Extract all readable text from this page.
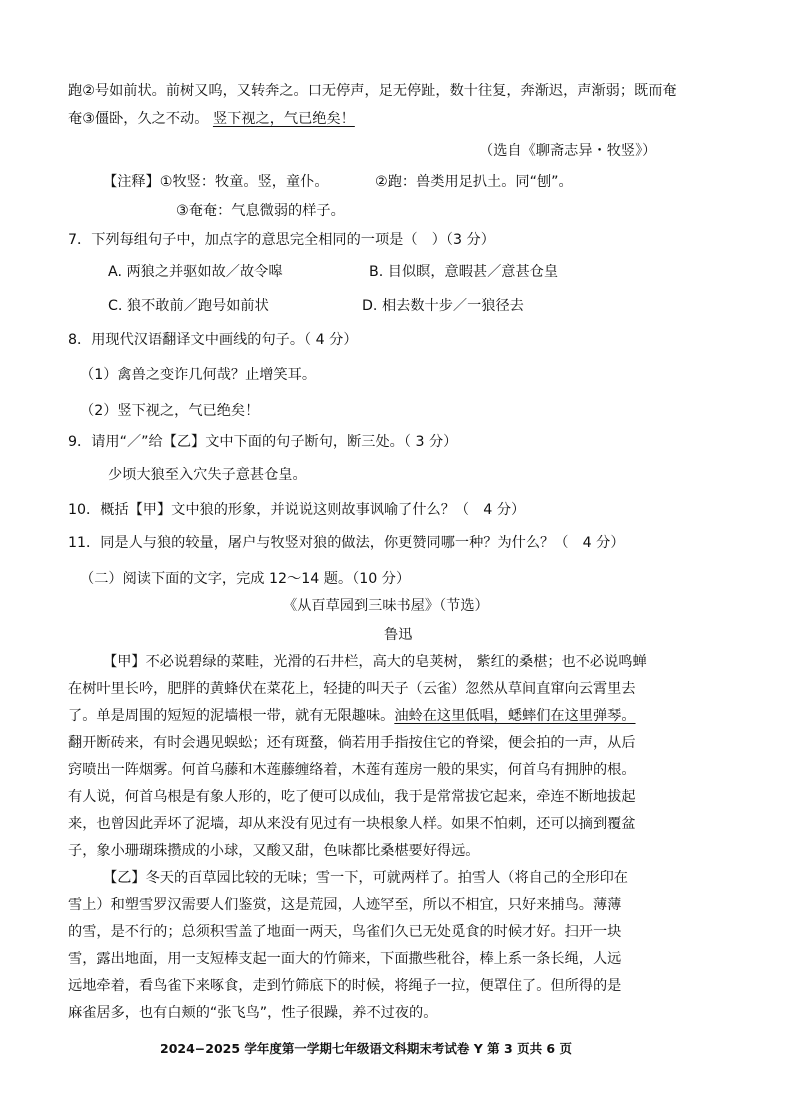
跑②号如前状。前树又呜，又转奔之。口无停声，足无停趾，数十往复，奔渐迟，声渐弱；既而奄
奄③僵卧，久之不动。 竖下视之，气已绝矣！
（选自《聊斋志异・牧竖》）
【注释】①牧竖：牧童。竖，童仆。	②跑：兽类用足扒土。同“刨”。
③奄奄：气息微弱的样子。
7．下列每组句子中，加点字的意思完全相同的一项是（　）（3 分）
A. 两狼之并驱如故／故令嗥	B. 目似瞑，意暇甚／意甚仓皇
C. 狼不敢前／跑号如前状	D. 相去数十步／一狼径去
8．用现代汉语翻译文中画线的句子。（ 4 分）
（1）禽兽之变诈几何哉？止增笑耳。
（2）竖下视之，气已绝矣！
9．请用“／”给【乙】文中下面的句子断句，断三处。（ 3 分）
少顷大狼至入穴失子意甚仓皇。
10．概括【甲】文中狼的形象，并说说这则故事讽喻了什么？（　4 分）
11．同是人与狼的较量，屠户与牧竖对狼的做法，你更赞同哪一种？为什么？（　4 分）
（二）阅读下面的文字，完成 12～14 题。（10 分）
《从百草园到三味书屋》（节选）
鲁迅
【甲】不必说碧绿的菜畦，光滑的石井栏，高大的皂荚树， 紫红的桑椹；也不必说鸣蝉
在树叶里长吟，肥胖的黄蜂伏在菜花上，轻捷的叫天子（云雀）忽然从草间直窜向云霄里去
了。单是周围的短短的泥墙根一带，就有无限趣味。油蛉在这里低唱，蟋蟀们在这里弹琴。
翻开断砖来，有时会遇见蜈蚣；还有斑蝥，倘若用手指按住它的脊梁，便会拍的一声，从后
窍喷出一阵烟雾。何首乌藤和木莲藤缠络着，木莲有莲房一般的果实，何首乌有拥肿的根。
有人说，何首乌根是有象人形的，吃了便可以成仙，我于是常常拔它起来，牵连不断地拔起
来，也曾因此弄坏了泥墙，却从来没有见过有一块根象人样。如果不怕刺，还可以摘到覆盆
子，象小珊瑚珠攒成的小球，又酸又甜，色味都比桑椹要好得远。
【乙】冬天的百草园比较的无味；雪一下，可就两样了。拍雪人（将自己的全形印在
雪上）和塑雪罗汉需要人们鉴赏，这是荒园，人迹罕至，所以不相宜，只好来捕鸟。薄薄
的雪，是不行的；总须积雪盖了地面一两天，鸟雀们久已无处觅食的时候才好。扫开一块
雪，露出地面，用一支短棒支起一面大的竹筛来，下面撒些秕谷，棒上系一条长绳，人远
远地牵着，看鸟雀下来啄食，走到竹筛底下的时候，将绳子一拉，便罩住了。但所得的是
麻雀居多，也有白颊的“张飞鸟”，性子很躁，养不过夜的。
2024−2025 学年度第一学期七年级语文科期末考试卷 Y 第 3 页共 6 页
